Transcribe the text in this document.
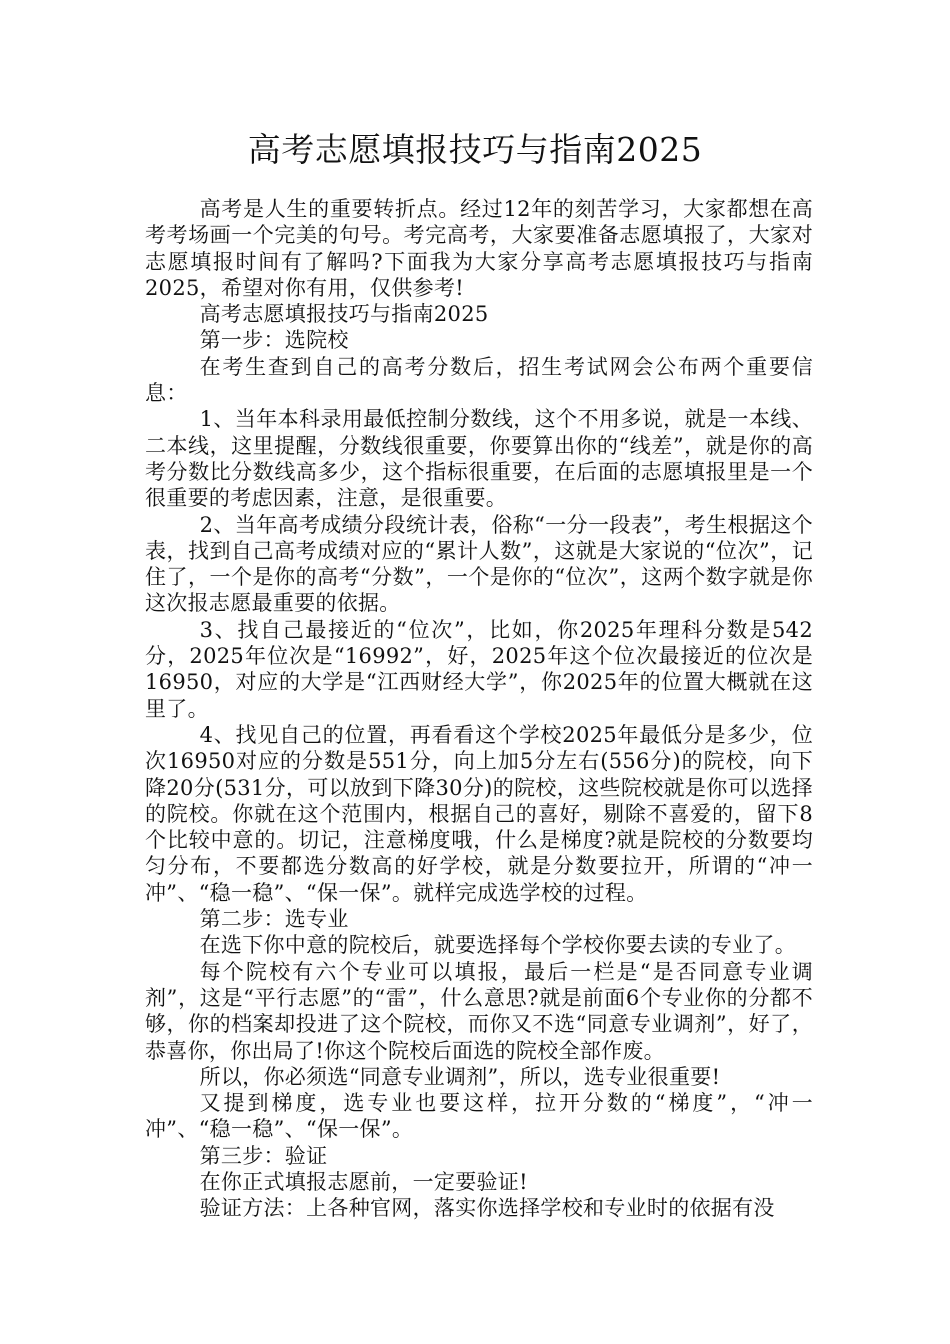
高考志愿填报技巧与指南2025

高考是人生的重要转折点。经过12年的刻苦学习，大家都想在高考考场画一个完美的句号。考完高考，大家要准备志愿填报了，大家对志愿填报时间有了解吗?下面我为大家分享高考志愿填报技巧与指南2025，希望对你有用，仅供参考!

高考志愿填报技巧与指南2025

第一步：选院校

在考生查到自己的高考分数后，招生考试网会公布两个重要信息：

1、当年本科录用最低控制分数线，这个不用多说，就是一本线、二本线，这里提醒，分数线很重要，你要算出你的“线差”，就是你的高考分数比分数线高多少，这个指标很重要，在后面的志愿填报里是一个很重要的考虑因素，注意，是很重要。

2、当年高考成绩分段统计表，俗称“一分一段表”，考生根据这个表，找到自己高考成绩对应的“累计人数”，这就是大家说的“位次”，记住了，一个是你的高考“分数”，一个是你的“位次”，这两个数字就是你这次报志愿最重要的依据。

3、找自己最接近的“位次”，比如，你2025年理科分数是542分，2025年位次是“16992”，好，2025年这个位次最接近的位次是16950，对应的大学是“江西财经大学”，你2025年的位置大概就在这里了。

4、找见自己的位置，再看看这个学校2025年最低分是多少，位次16950对应的分数是551分，向上加5分左右(556分)的院校，向下降20分(531分，可以放到下降30分)的院校，这些院校就是你可以选择的院校。你就在这个范围内，根据自己的喜好，剔除不喜爱的，留下8个比较中意的。切记，注意梯度哦，什么是梯度?就是院校的分数要均匀分布，不要都选分数高的好学校，就是分数要拉开，所谓的“冲一冲”、“稳一稳”、“保一保”。就样完成选学校的过程。

第二步：选专业

在选下你中意的院校后，就要选择每个学校你要去读的专业了。

每个院校有六个专业可以填报，最后一栏是“是否同意专业调剂”，这是“平行志愿”的“雷”，什么意思?就是前面6个专业你的分都不够，你的档案却投进了这个院校，而你又不选“同意专业调剂”，好了，恭喜你，你出局了!你这个院校后面选的院校全部作废。

所以，你必须选“同意专业调剂”，所以，选专业很重要!

又提到梯度，选专业也要这样，拉开分数的“梯度”，“冲一冲”、“稳一稳”、“保一保”。

第三步：验证

在你正式填报志愿前，一定要验证!

验证方法：上各种官网，落实你选择学校和专业时的依据有没
